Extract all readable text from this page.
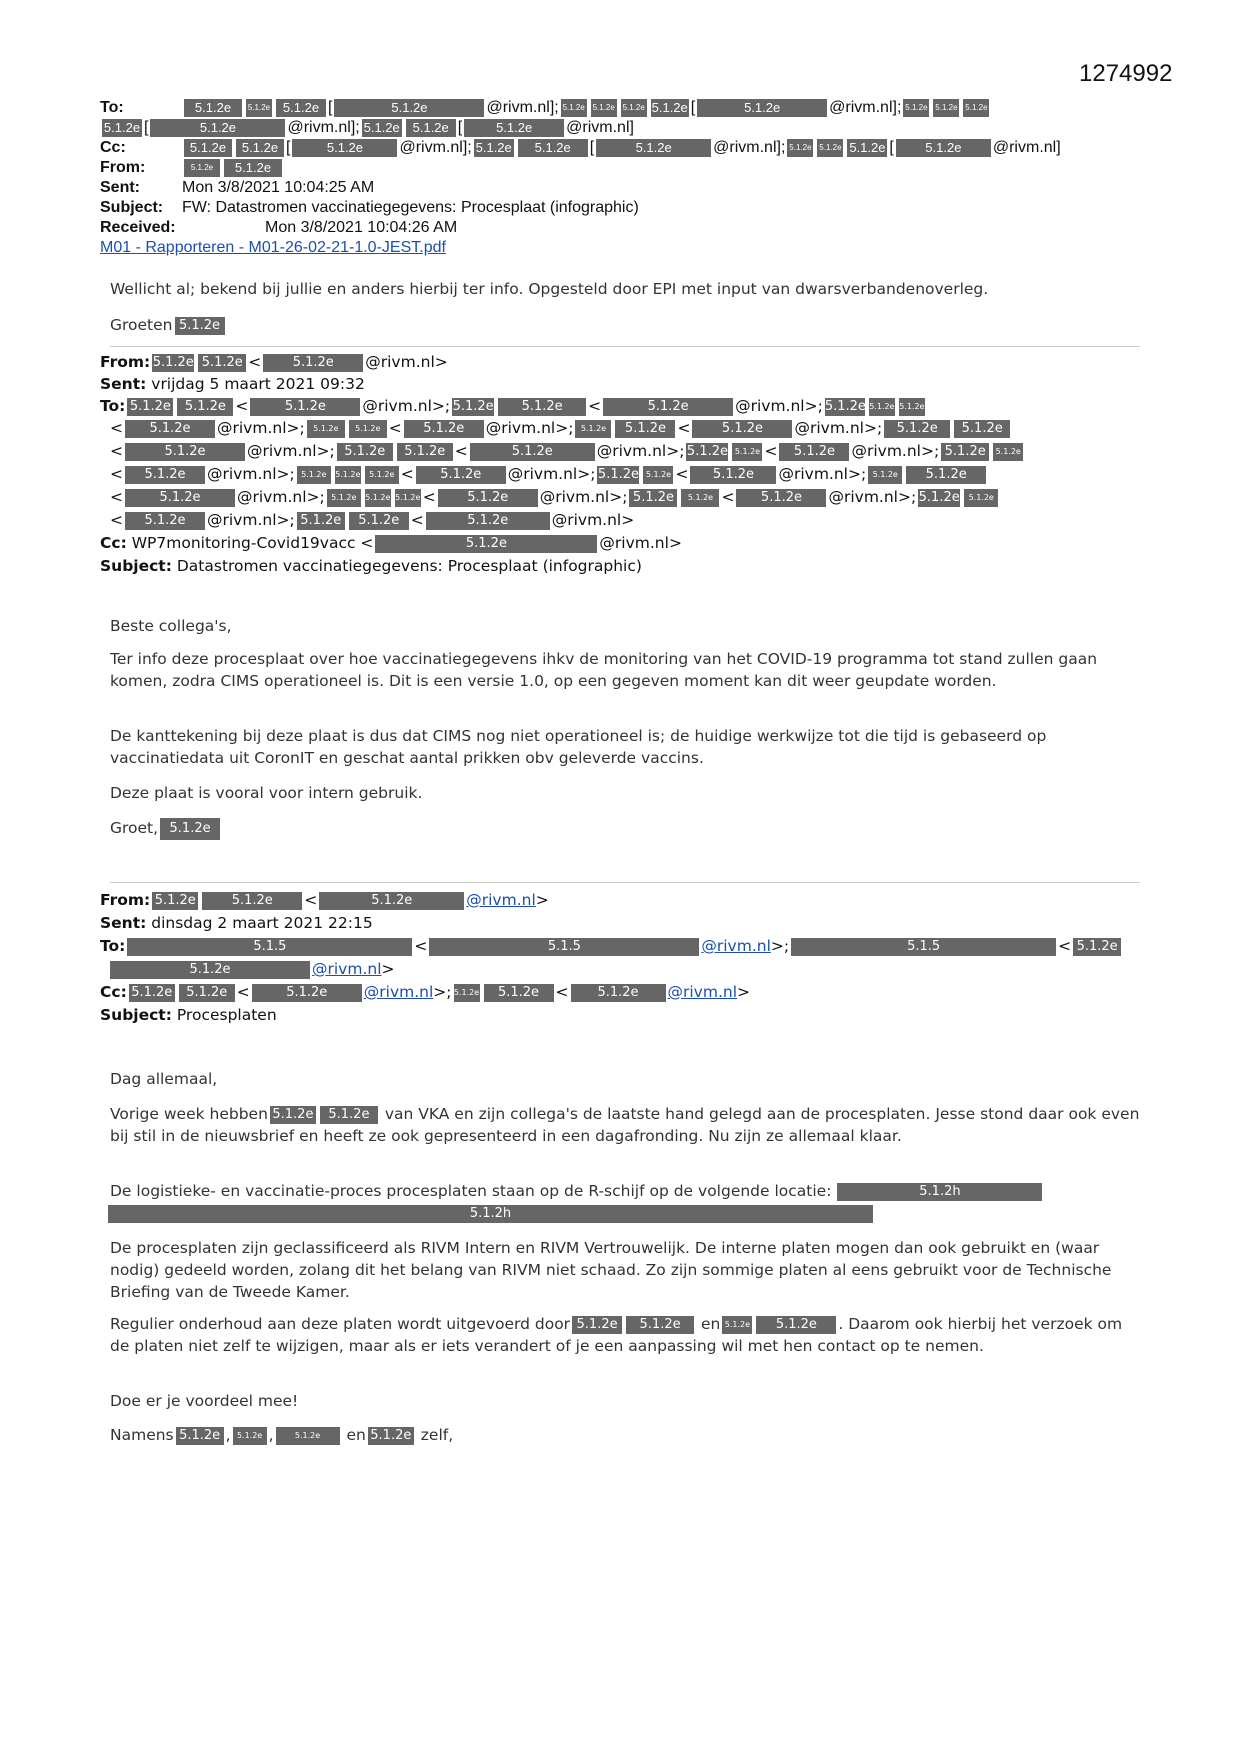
1274992
To:	5.1.2e 5.1.2e 5.1.2e [	5.1.2e	@rivm.nl]; 5.1.2e 5.1.2e 5.1.2e 5.1.2e [	5.1.2e	@rivm.nl]; 5.1.2e 5.1.2e 5.1.2e
5.1.2e [	5.1.2e	@rivm.nl]; 5.1.2e 5.1.2e [	5.1.2e @rivm.nl]
Cc:	5.1.2e 5.1.2e [	5.1.2e @rivm.nl]; 5.1.2e 5.1.2e [	5.1.2e	@rivm.nl]; 5.1.2e 5.1.2e 5.1.2e [ 5.1.2e @rivm.nl]
From:	5.1.2e 5.1.2e
Sent:	Mon 3/8/2021 10:04:25 AM
Subject: FW: Datastromen vaccinatiegegevens: Procesplaat (infographic)
Received:	Mon 3/8/2021 10:04:26 AM
M01 - Rapporteren - M01-26-02-21-1.0-JEST.pdf
Wellicht al; bekend bij jullie en anders hierbij ter info. Opgesteld door EPI met input van dwarsverbandenoverleg.
Groeten 5.1.2e
From: 5.1.2e 5.1.2e < 5.1.2e @rivm.nl>
Sent: vrijdag 5 maart 2021 09:32
To: 5.1.2e 5.1.2e <	5.1.2e @rivm.nl>; 5.1.2e 5.1.2e <	5.1.2e	@rivm.nl>; 5.1.2e 5.1.2e 5.1.2e
< 5.1.2e @rivm.nl>; 5.1.2e 5.1.2e < 5.1.2e @rivm.nl>; 5.1.2e 5.1.2e < 5.1.2e @rivm.nl>; 5.1.2e 5.1.2e
<	5.1.2e	@rivm.nl>; 5.1.2e 5.1.2e <	5.1.2e	@rivm.nl>; 5.1.2e 5.1.2e < 5.1.2e @rivm.nl>; 5.1.2e 5.1.2e
< 5.1.2e @rivm.nl>; 5.1.2e 5.1.2e 5.1.2e < 5.1.2e @rivm.nl>; 5.1.2e 5.1.2e < 5.1.2e @rivm.nl>; 5.1.2e 5.1.2e
<	5.1.2e @rivm.nl>; 5.1.2e 5.1.2e 5.1.2e < 5.1.2e @rivm.nl>; 5.1.2e 5.1.2e < 5.1.2e @rivm.nl>; 5.1.2e 5.1.2e
< 5.1.2e @rivm.nl>; 5.1.2e 5.1.2e <	5.1.2e	@rivm.nl>
Cc: WP7monitoring-Covid19vacc <	5.1.2e	@rivm.nl>
Subject: Datastromen vaccinatiegegevens: Procesplaat (infographic)
Beste collega's,
Ter info deze procesplaat over hoe vaccinatiegegevens ihkv de monitoring van het COVID-19 programma tot stand zullen gaan komen, zodra CIMS operationeel is. Dit is een versie 1.0, op een gegeven moment kan dit weer geupdate worden.
De kanttekening bij deze plaat is dus dat CIMS nog niet operationeel is; de huidige werkwijze tot die tijd is gebaseerd op vaccinatiedata uit CoronIT en geschat aantal prikken obv geleverde vaccins.
Deze plaat is vooral voor intern gebruik.
Groet, 5.1.2e
From: 5.1.2e	5.1.2e <	5.1.2e	@rivm.nl>
Sent: dinsdag 2 maart 2021 22:15
To:	5.1.5	<	5.1.5	@rivm.nl>;	5.1.5	< 5.1.2e
5.1.2e	@rivm.nl>
Cc: 5.1.2e 5.1.2e <	5.1.2e @rivm.nl>; 5.1.2e 5.1.2e < 5.1.2e @rivm.nl>
Subject: Procesplaten
Dag allemaal,
Vorige week hebben 5.1.2e 5.1.2e van VKA en zijn collega's de laatste hand gelegd aan de procesplaten. Jesse stond daar ook even bij stil in de nieuwsbrief en heeft ze ook gepresenteerd in een dagafronding. Nu zijn ze allemaal klaar.
De logistieke- en vaccinatie-proces procesplaten staan op de R-schijf op de volgende locatie:	5.1.2h
5.1.2h
De procesplaten zijn geclassificeerd als RIVM Intern en RIVM Vertrouwelijk. De interne platen mogen dan ook gebruikt en (waar nodig) gedeeld worden, zolang dit het belang van RIVM niet schaad. Zo zijn sommige platen al eens gebruikt voor de Technische Briefing van de Tweede Kamer.
Regulier onderhoud aan deze platen wordt uitgevoerd door 5.1.2e 5.1.2e en 5.1.2e 5.1.2e . Daarom ook hierbij het verzoek om de platen niet zelf te wijzigen, maar als er iets verandert of je een aanpassing wil met hen contact op te nemen.
Doe er je voordeel mee!
Namens 5.1.2e , 5.1.2e ,	5.1.2e en 5.1.2e zelf,
